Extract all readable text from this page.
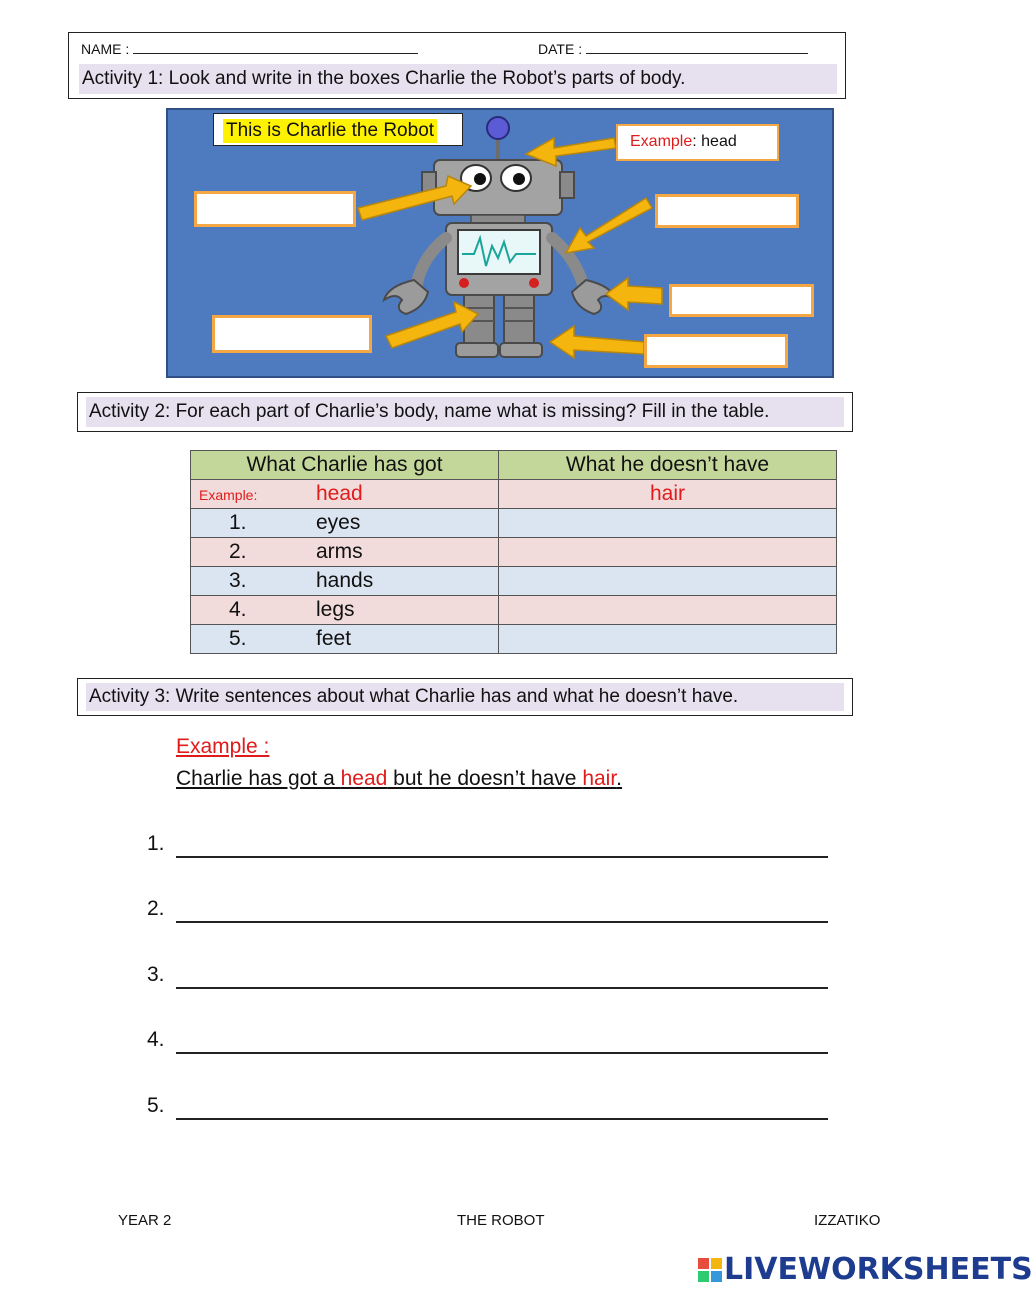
NAME :	DATE :
Activity 1: Look and write in the boxes Charlie the Robot’s parts of body.
This is Charlie the Robot
Example: head
Activity 2: For each part of Charlie’s body, name what is missing? Fill in the table.
What Charlie has got	What he doesn’t have

Example: head	hair

1. eyes	

2. arms	

3. hands	

4. legs	

5. feet	

Activity 3: Write sentences about what Charlie has and what he doesn’t have.
Example :
Charlie has got a head but he doesn’t have hair.
1.
2.
3.
4.
5.
YEAR 2	THE ROBOT	IZZATIKO
LIVEWORKSHEETS
